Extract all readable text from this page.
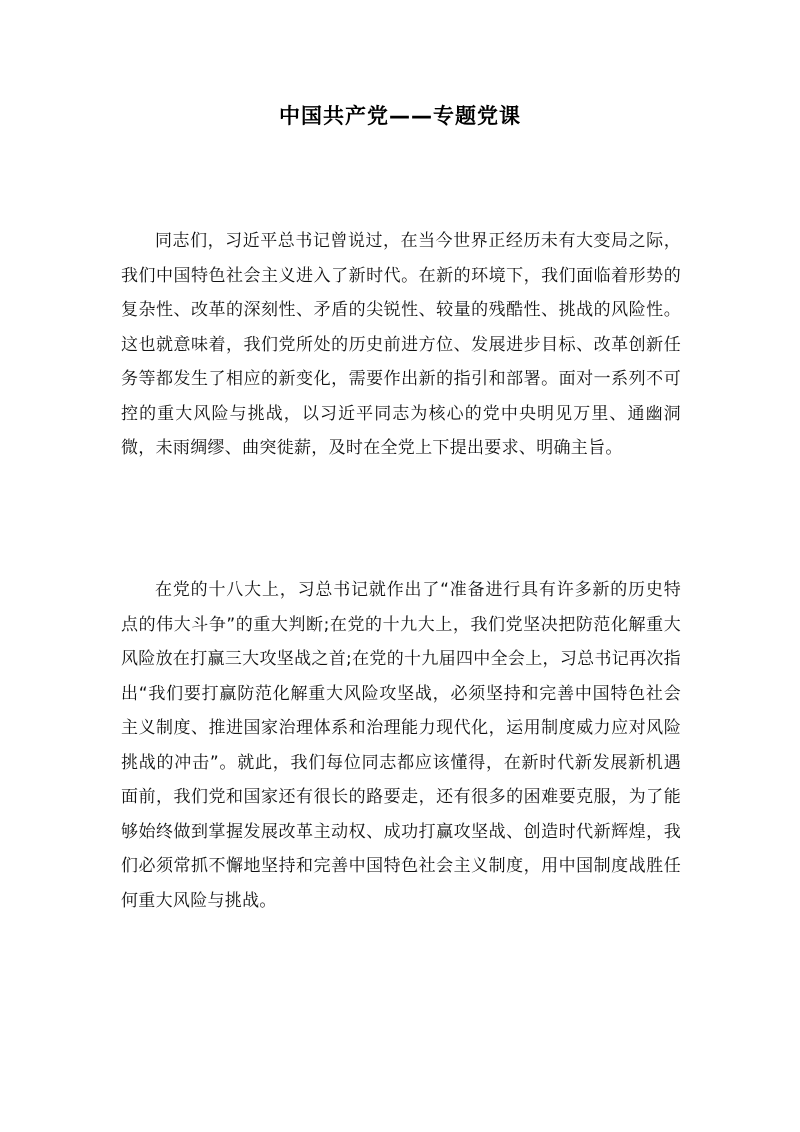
中国共产党——专题党课

同志们，习近平总书记曾说过，在当今世界正经历未有大变局之际，我们中国特色社会主义进入了新时代。在新的环境下，我们面临着形势的复杂性、改革的深刻性、矛盾的尖锐性、较量的残酷性、挑战的风险性。这也就意味着，我们党所处的历史前进方位、发展进步目标、改革创新任务等都发生了相应的新变化，需要作出新的指引和部署。面对一系列不可控的重大风险与挑战，以习近平同志为核心的党中央明见万里、通幽洞微，未雨绸缪、曲突徙薪，及时在全党上下提出要求、明确主旨。

在党的十八大上，习总书记就作出了“准备进行具有许多新的历史特点的伟大斗争”的重大判断;在党的十九大上，我们党坚决把防范化解重大风险放在打赢三大攻坚战之首;在党的十九届四中全会上，习总书记再次指出“我们要打赢防范化解重大风险攻坚战，必须坚持和完善中国特色社会主义制度、推进国家治理体系和治理能力现代化，运用制度威力应对风险挑战的冲击”。就此，我们每位同志都应该懂得，在新时代新发展新机遇面前，我们党和国家还有很长的路要走，还有很多的困难要克服，为了能够始终做到掌握发展改革主动权、成功打赢攻坚战、创造时代新辉煌，我们必须常抓不懈地坚持和完善中国特色社会主义制度，用中国制度战胜任何重大风险与挑战。
